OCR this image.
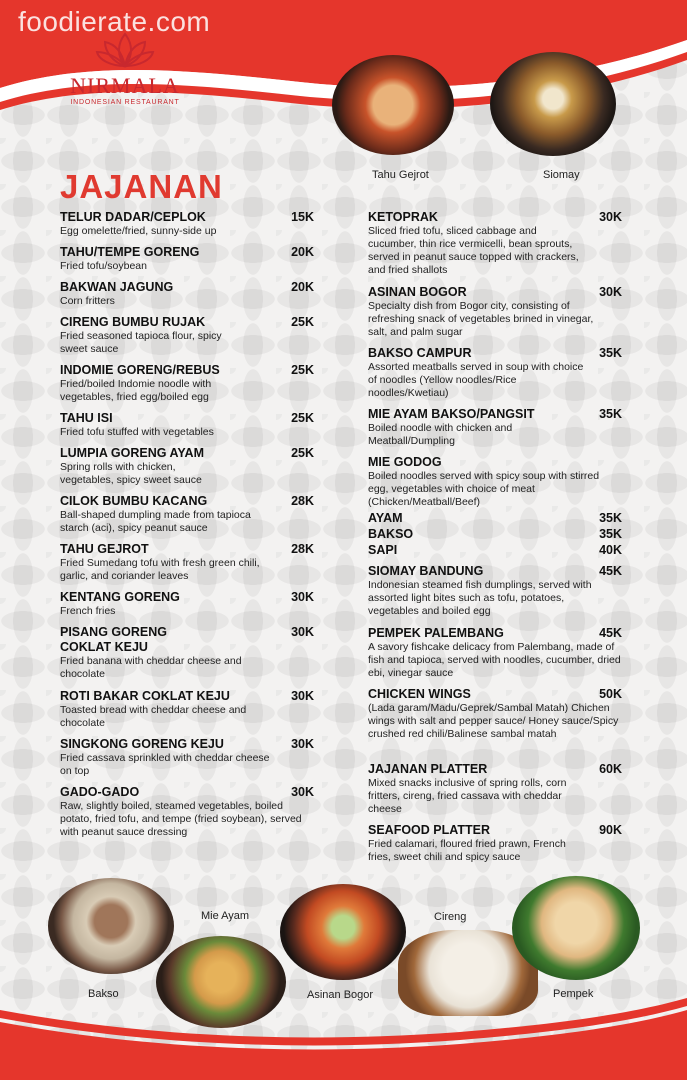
foodierate.com
NIRMALA
INDONESIAN RESTAURANT
Tahu Gejrot	Siomay
JAJANAN
TELUR DADAR/CEPLOK	15K
Egg omelette/fried, sunny-side up
TAHU/TEMPE GORENG	20K
Fried tofu/soybean
BAKWAN JAGUNG	20K
Corn fritters
CIRENG BUMBU RUJAK	25K
Fried seasoned tapioca flour, spicy sweet sauce
INDOMIE GORENG/REBUS	25K
Fried/boiled Indomie noodle with vegetables, fried egg/boiled egg
TAHU ISI	25K
Fried tofu stuffed with vegetables
LUMPIA GORENG AYAM	25K
Spring rolls with chicken, vegetables, spicy sweet sauce
CILOK BUMBU KACANG	28K
Ball-shaped dumpling made from tapioca starch (aci), spicy peanut sauce
TAHU GEJROT	28K
Fried Sumedang tofu with fresh green chili, garlic, and coriander leaves
KENTANG GORENG	30K
French fries
PISANG GORENG COKLAT KEJU
30K
Fried banana with cheddar cheese and chocolate
ROTI BAKAR COKLAT KEJU	30K
Toasted bread with cheddar cheese and chocolate
SINGKONG GORENG KEJU	30K
Fried cassava sprinkled with cheddar cheese on top
GADO-GADO	30K
Raw, slightly boiled, steamed vegetables, boiled potato, fried tofu, and tempe (fried soybean), served with peanut sauce dressing
KETOPRAK	30K
Sliced fried tofu, sliced cabbage and cucumber, thin rice vermicelli, bean sprouts, served in peanut sauce topped with crackers, and fried shallots
ASINAN BOGOR	30K
Specialty dish from Bogor city, consisting of refreshing snack of vegetables brined in vinegar, salt, and palm sugar
BAKSO CAMPUR	35K
Assorted meatballs served in soup with choice of noodles (Yellow noodles/Rice noodles/Kwetiau)
MIE AYAM BAKSO/PANGSIT	35K
Boiled noodle with chicken and Meatball/Dumpling
MIE GODOG
Boiled noodles served with spicy soup with stirred egg, vegetables with choice of meat (Chicken/Meatball/Beef)
AYAM	35K
BAKSO	35K
SAPI	40K
SIOMAY BANDUNG	45K
Indonesian steamed fish dumplings, served with assorted light bites such as tofu, potatoes, vegetables and boiled egg
PEMPEK PALEMBANG	45K
A savory fishcake delicacy from Palembang, made of fish and tapioca, served with noodles, cucumber, dried ebi, vinegar sauce
CHICKEN WINGS	50K
(Lada garam/Madu/Geprek/Sambal Matah) Chichen wings with salt and pepper sauce/ Honey sauce/Spicy crushed red chili/Balinese sambal matah
JAJANAN PLATTER	60K
Mixed snacks inclusive of spring rolls, corn fritters, cireng, fried cassava with cheddar cheese
SEAFOOD PLATTER	90K
Fried calamari, floured fried prawn, French fries, sweet chili and spicy sauce
Mie Ayam
Bakso	Asinan Bogor
Cireng
Pempek
